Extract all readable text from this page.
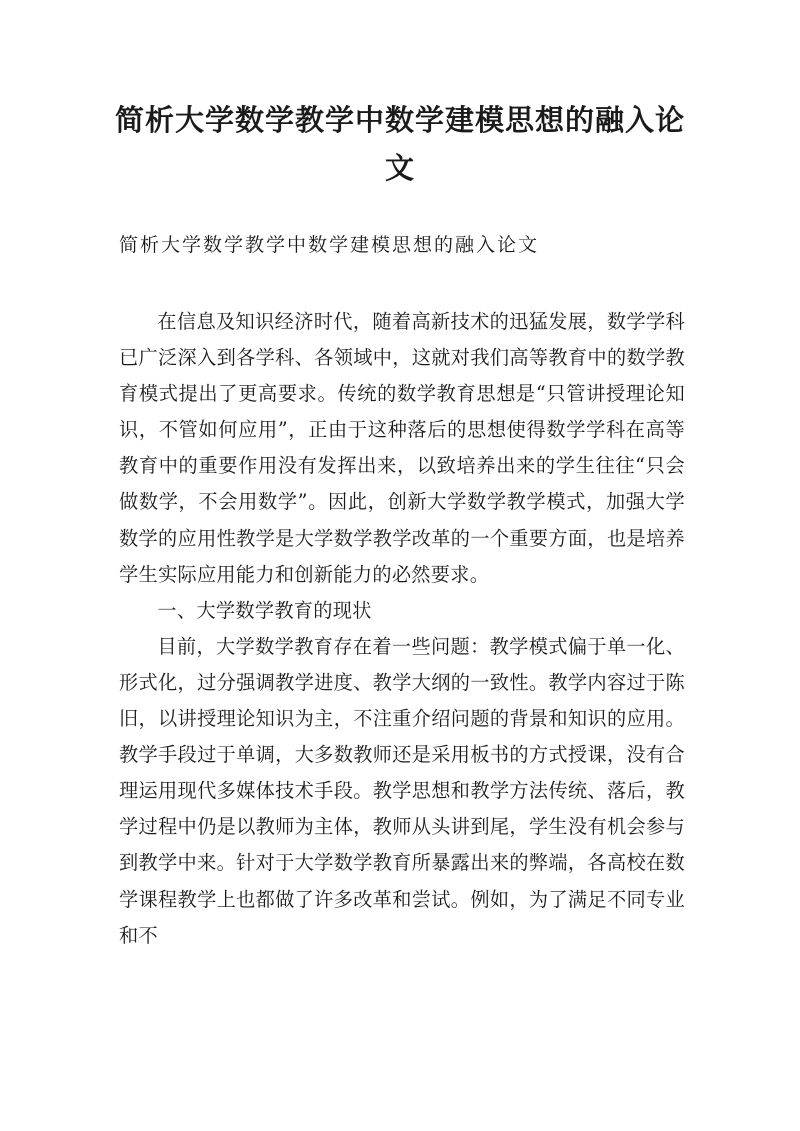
简析大学数学教学中数学建模思想的融入论文

简析大学数学教学中数学建模思想的融入论文

在信息及知识经济时代，随着高新技术的迅猛发展，数学学科已广泛深入到各学科、各领域中，这就对我们高等教育中的数学教育模式提出了更高要求。传统的数学教育思想是“只管讲授理论知识，不管如何应用”，正由于这种落后的思想使得数学学科在高等教育中的重要作用没有发挥出来，以致培养出来的学生往往“只会做数学，不会用数学”。因此，创新大学数学教学模式，加强大学数学的应用性教学是大学数学教学改革的一个重要方面，也是培养学生实际应用能力和创新能力的必然要求。

一、大学数学教育的现状

目前，大学数学教育存在着一些问题：教学模式偏于单一化、形式化，过分强调教学进度、教学大纲的一致性。教学内容过于陈旧，以讲授理论知识为主，不注重介绍问题的背景和知识的应用。教学手段过于单调，大多数教师还是采用板书的方式授课，没有合理运用现代多媒体技术手段。教学思想和教学方法传统、落后，教学过程中仍是以教师为主体，教师从头讲到尾，学生没有机会参与到教学中来。针对于大学数学教育所暴露出来的弊端，各高校在数学课程教学上也都做了许多改革和尝试。例如，为了满足不同专业和不
